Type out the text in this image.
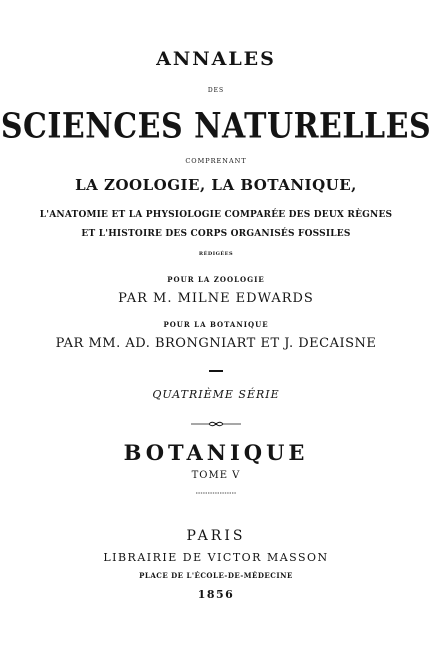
ANNALES
DES
SCIENCES NATURELLES
COMPRENANT
LA ZOOLOGIE, LA BOTANIQUE,
L'ANATOMIE ET LA PHYSIOLOGIE COMPARÉE DES DEUX RÈGNES
ET L'HISTOIRE DES CORPS ORGANISÉS FOSSILES
RÉDIGÉES
POUR LA ZOOLOGIE
PAR M. MILNE EDWARDS
POUR LA BOTANIQUE
PAR MM. AD. BRONGNIART ET J. DECAISNE
QUATRIÈME SÉRIE
BOTANIQUE
TOME V
PARIS
LIBRAIRIE DE VICTOR MASSON
PLACE DE L'ÉCOLE-DE-MÉDECINE
1856
